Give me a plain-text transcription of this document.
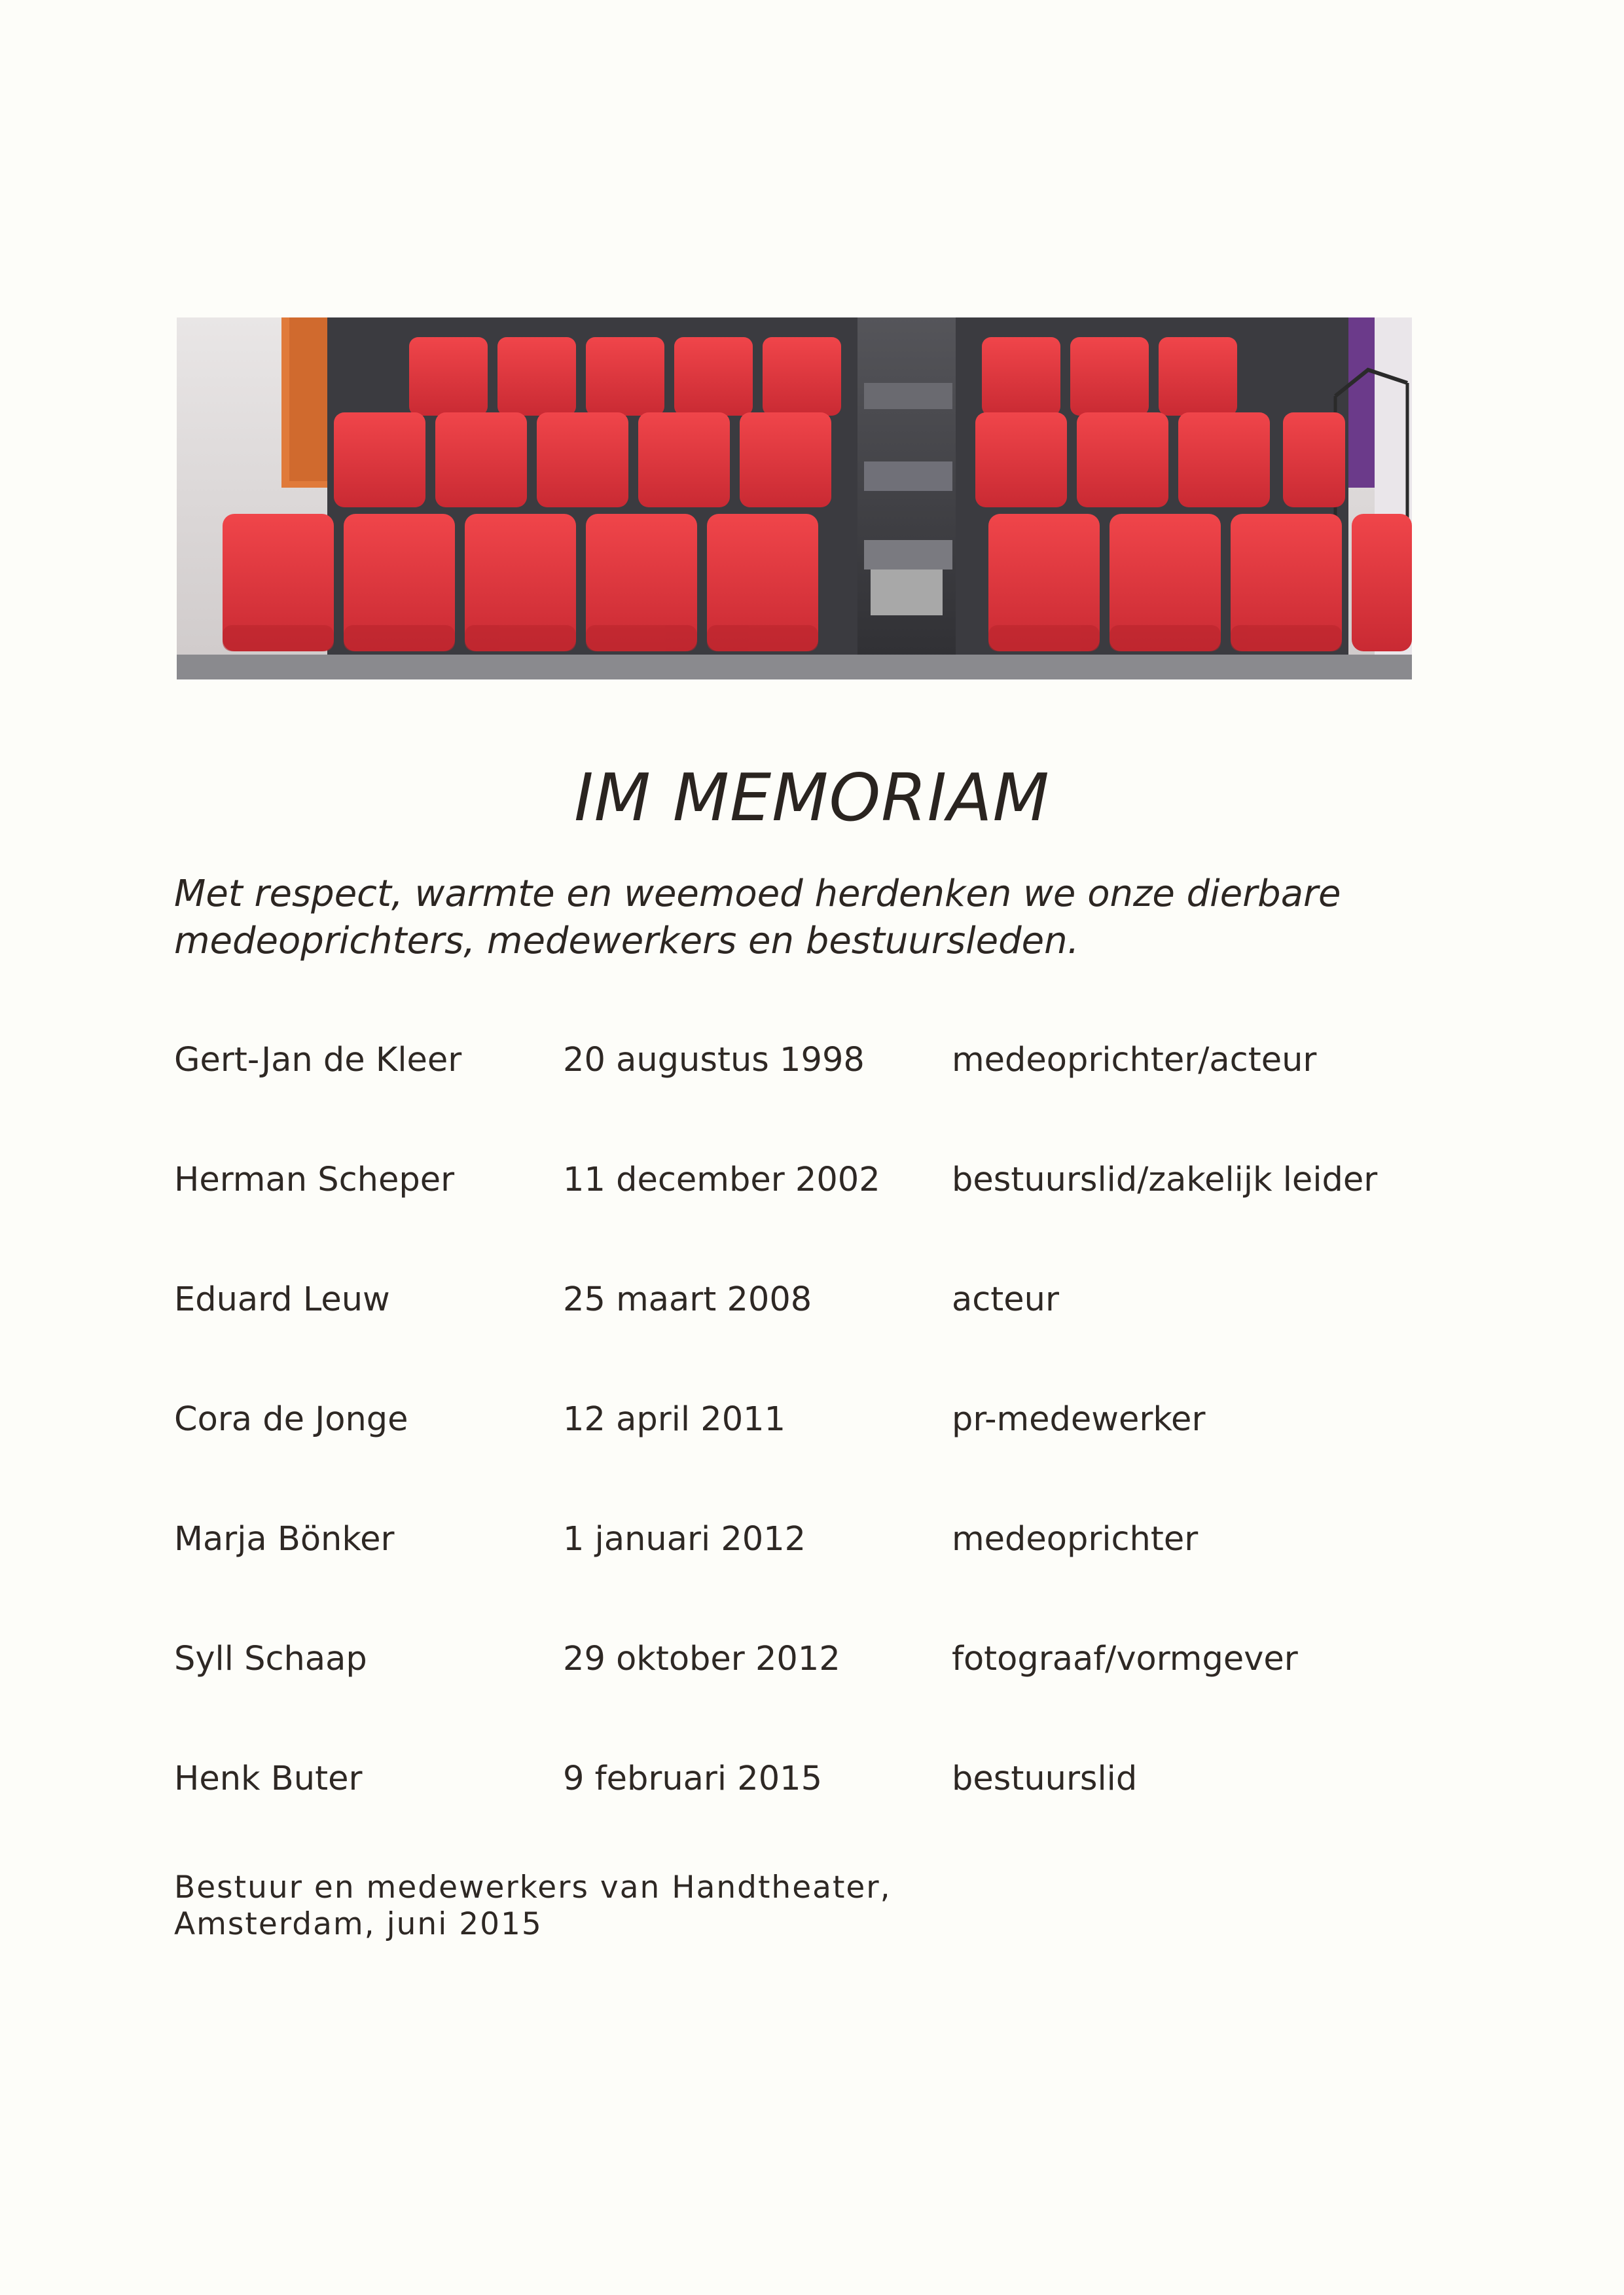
IM MEMORIAM
Met respect, warmte en weemoed herdenken we onze dierbare
medeoprichters, medewerkers en bestuursleden.
Gert-Jan de Kleer	20 augustus 1998	medeoprichter/acteur
Herman Scheper	11 december 2002 bestuurslid/zakelijk leider
Eduard Leuw	25 maart 2008	acteur
Cora de Jonge	12 april 2011	pr-medewerker
Marja Bönker	1 januari 2012	medeoprichter
Syll Schaap	29 oktober 2012	fotograaf/vormgever
Henk Buter	9 februari 2015	bestuurslid
Bestuur en medewerkers van Handtheater,
Amsterdam, juni 2015
